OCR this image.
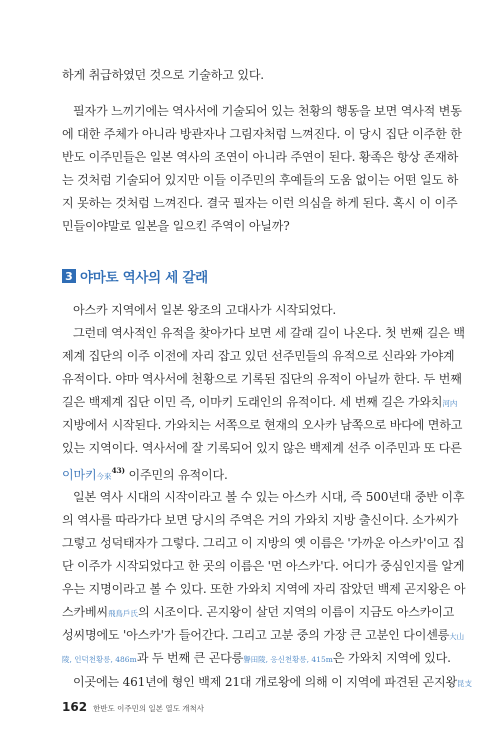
하게 취급하였던 것으로 기술하고 있다.
필자가 느끼기에는 역사서에 기술되어 있는 천황의 행동을 보면 역사적 변동
에 대한 주체가 아니라 방관자나 그림자처럼 느껴진다. 이 당시 집단 이주한 한
반도 이주민들은 일본 역사의 조연이 아니라 주연이 된다. 황족은 항상 존재하
는 것처럼 기술되어 있지만 이들 이주민의 후예들의 도움 없이는 어떤 일도 하
지 못하는 것처럼 느껴진다. 결국 필자는 이런 의심을 하게 된다. 혹시 이 이주
민들이야말로 일본을 일으킨 주역이 아닐까?
3 야마토 역사의 세 갈래
아스카 지역에서 일본 왕조의 고대사가 시작되었다.
그런데 역사적인 유적을 찾아가다 보면 세 갈래 길이 나온다. 첫 번째 길은 백
제계 집단의 이주 이전에 자리 잡고 있던 선주민들의 유적으로 신라와 가야계
유적이다. 야마 역사서에 천황으로 기록된 집단의 유적이 아닐까 한다. 두 번째
길은 백제계 집단 이민 즉, 이마키 도래인의 유적이다. 세 번째 길은 가와치河内
지방에서 시작된다. 가와치는 서쪽으로 현재의 오사카 남쪽으로 바다에 면하고
있는 지역이다. 역사서에 잘 기록되어 있지 않은 백제계 선주 이주민과 또 다른
이마키今來$^{43)}$ 이주민의 유적이다.
일본 역사 시대의 시작이라고 볼 수 있는 아스카 시대, 즉 500년대 중반 이후
의 역사를 따라가다 보면 당시의 주역은 거의 가와치 지방 출신이다. 소가씨가
그렇고 성덕태자가 그렇다. 그리고 이 지방의 옛 이름은 '가까운 아스카'이고 집
단 이주가 시작되었다고 한 곳의 이름은 '먼 아스카'다. 어디가 중심인지를 알게
우는 지명이라고 볼 수 있다. 또한 가와치 지역에 자리 잡았던 백제 곤지왕은 아
스카베씨飛鳥戶氏의 시조이다. 곤지왕이 살던 지역의 이름이 지금도 아스카이고
성씨명에도 '아스카'가 들어간다. 그리고 고분 중의 가장 큰 고분인 다이센릉大山
陵, 인덕천황릉, 486m과 두 번째 큰 곤다릉譽田陵, 응신천황릉, 415m은 가와치 지역에 있다.
이곳에는 461년에 형인 백제 21대 개로왕에 의해 이 지역에 파견된 곤지왕昆支
162 한반도 이주민의 일본 열도 개척사
